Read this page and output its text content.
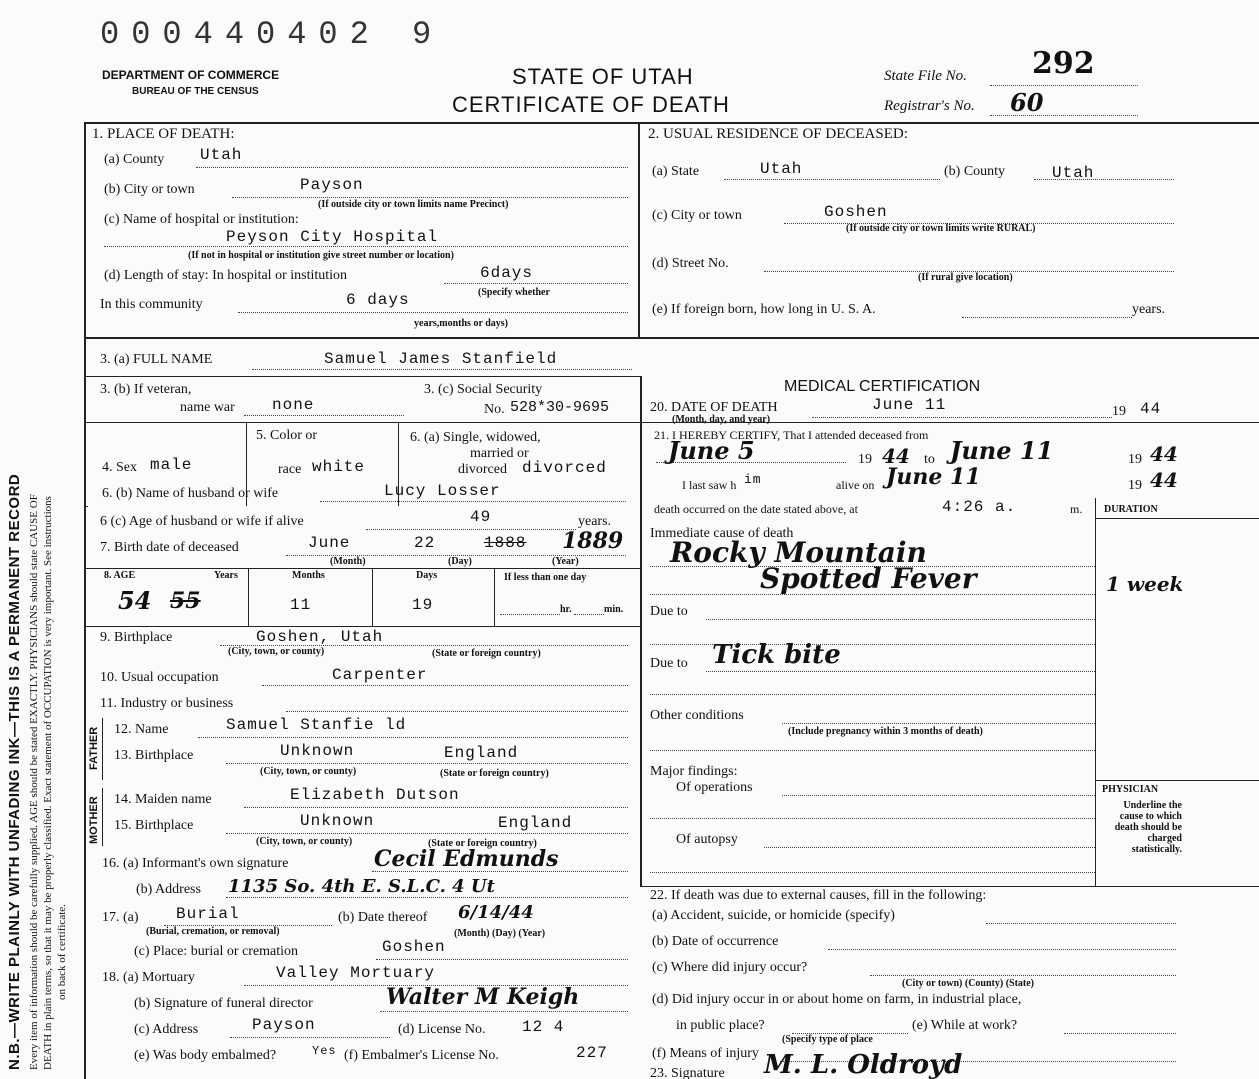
000440402 9
DEPARTMENT OF COMMERCE
BUREAU OF THE CENSUS
STATE OF UTAH
CERTIFICATE OF DEATH
State File No. 292
Registrar's No. 60
N.B.—WRITE PLAINLY WITH UNFADING INK—THIS IS A PERMANENT RECORD Every item of information should be carefully supplied. AGE should be stated EXACTLY. PHYSICIANS should state CAUSE OF DEATH in plain terms, so that it may be properly classified. Exact statement of OCCUPATION is very important. See instructions on back of certificate.
1. PLACE OF DEATH:
(a) County Utah
(b) City or town	Payson
(If outside city or town limits name Precinct)
(c) Name of hospital or institution:
Peyson City Hospital
(If not in hospital or institution give street number or location)
(d) Length of stay: In hospital or institution	6days
In this community	6 days	(Specify whether
years,months or days)
2. USUAL RESIDENCE OF DECEASED:
(a) State	Utah	(b) County	Utah
(c) City or town	Goshen
(If outside city or town limits write RURAL)
(d) Street No.
(If rural give location)
(e) If foreign born, how long in U. S. A.	years.
3. (a) FULL NAME	Samuel James Stanfield
3. (b) If veteran,
name war none
3. (c) Social Security
No. 528*30-9695
4. Sex male
5. Color or
race white
6. (a) Single, widowed,
married or
divorced divorced
6. (b) Name of husband or wife	Lucy Losser
6 (c) Age of husband or wife if alive	49	years.
7. Birth date of deceased	June	22	1888 1889
(Month)	(Day)	(Year)
8. AGE	Years	Months	Days	If less than one day
54 55	11	19	hr.	min.
9. Birthplace	Goshen, Utah
(City, town, or county)	(State or foreign country)
10. Usual occupation	Carpenter
11. Industry or business
FATHER
MOTHER
12. Name	Samuel Stanfie ld
13. Birthplace	Unknown	England
(City, town, or county)	(State or foreign country)
14. Maiden name	Elizabeth Dutson
15. Birthplace	Unknown	England
(City, town, or county)	(State or foreign country)
16. (a) Informant's own signature	Cecil Edmunds
(b) Address 1135 So. 4th E. S.L.C. 4 Ut
17. (a) Burial
(Burial, cremation, or removal)
(b) Date thereof 6/14/44
(Month) (Day) (Year)
(c) Place: burial or cremation	Goshen
18. (a) Mortuary	Valley Mortuary
(b) Signature of funeral director	Walter M Keigh
(c) Address	Payson	(d) License No. 12 4
(e) Was body embalmed?	Yes (f) Embalmer's License No.	227
MEDICAL CERTIFICATION
20. DATE OF DEATH
(Month, day, and year)
June 11	19 44
21. I HEREBY CERTIFY, That I attended deceased from
June 5	19 44 to June 11	19 44
I last saw h im	alive on June 11	19 44
death occurred on the date stated above, at	4:26 a.	m. DURATION
Immediate cause of death
Rocky Mountain
Spotted Fever	1 week
Due to
Due to Tick bite
Other conditions
(Include pregnancy within 3 months of death)
Major findings:
Of operations
Of autopsy
PHYSICIAN
Underline the cause to which death should be charged statistically.
22. If death was due to external causes, fill in the following:
(a) Accident, suicide, or homicide (specify)
(b) Date of occurrence
(c) Where did injury occur?
(City or town) (County) (State)
(d) Did injury occur in or about home on farm, in industrial place,
in public place?	(e) While at work?
(Specify type of place
(f) Means of injury
23. Signature M. L. Oldroyd
